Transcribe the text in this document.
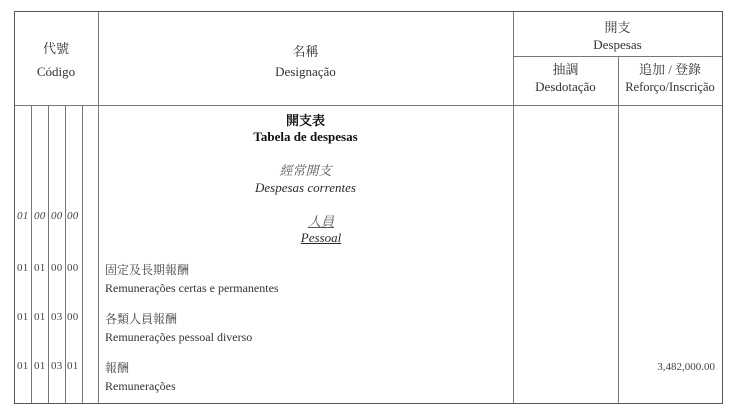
代號
Código
名稱
Designação
開支
Despesas
抽調
Desdotação
追加 / 登錄
Reforço/Inscrição
開支表
Tabela de despesas
經常開支
Despesas correntes
01 00 00 00	人員
Pessoal
01 01 00 00 固定及長期報酬
Remunerações certas e permanentes
01 01 03 00 各類人員報酬
Remunerações pessoal diverso
01 01 03 01 報酬
Remunerações
3,482,000.00
